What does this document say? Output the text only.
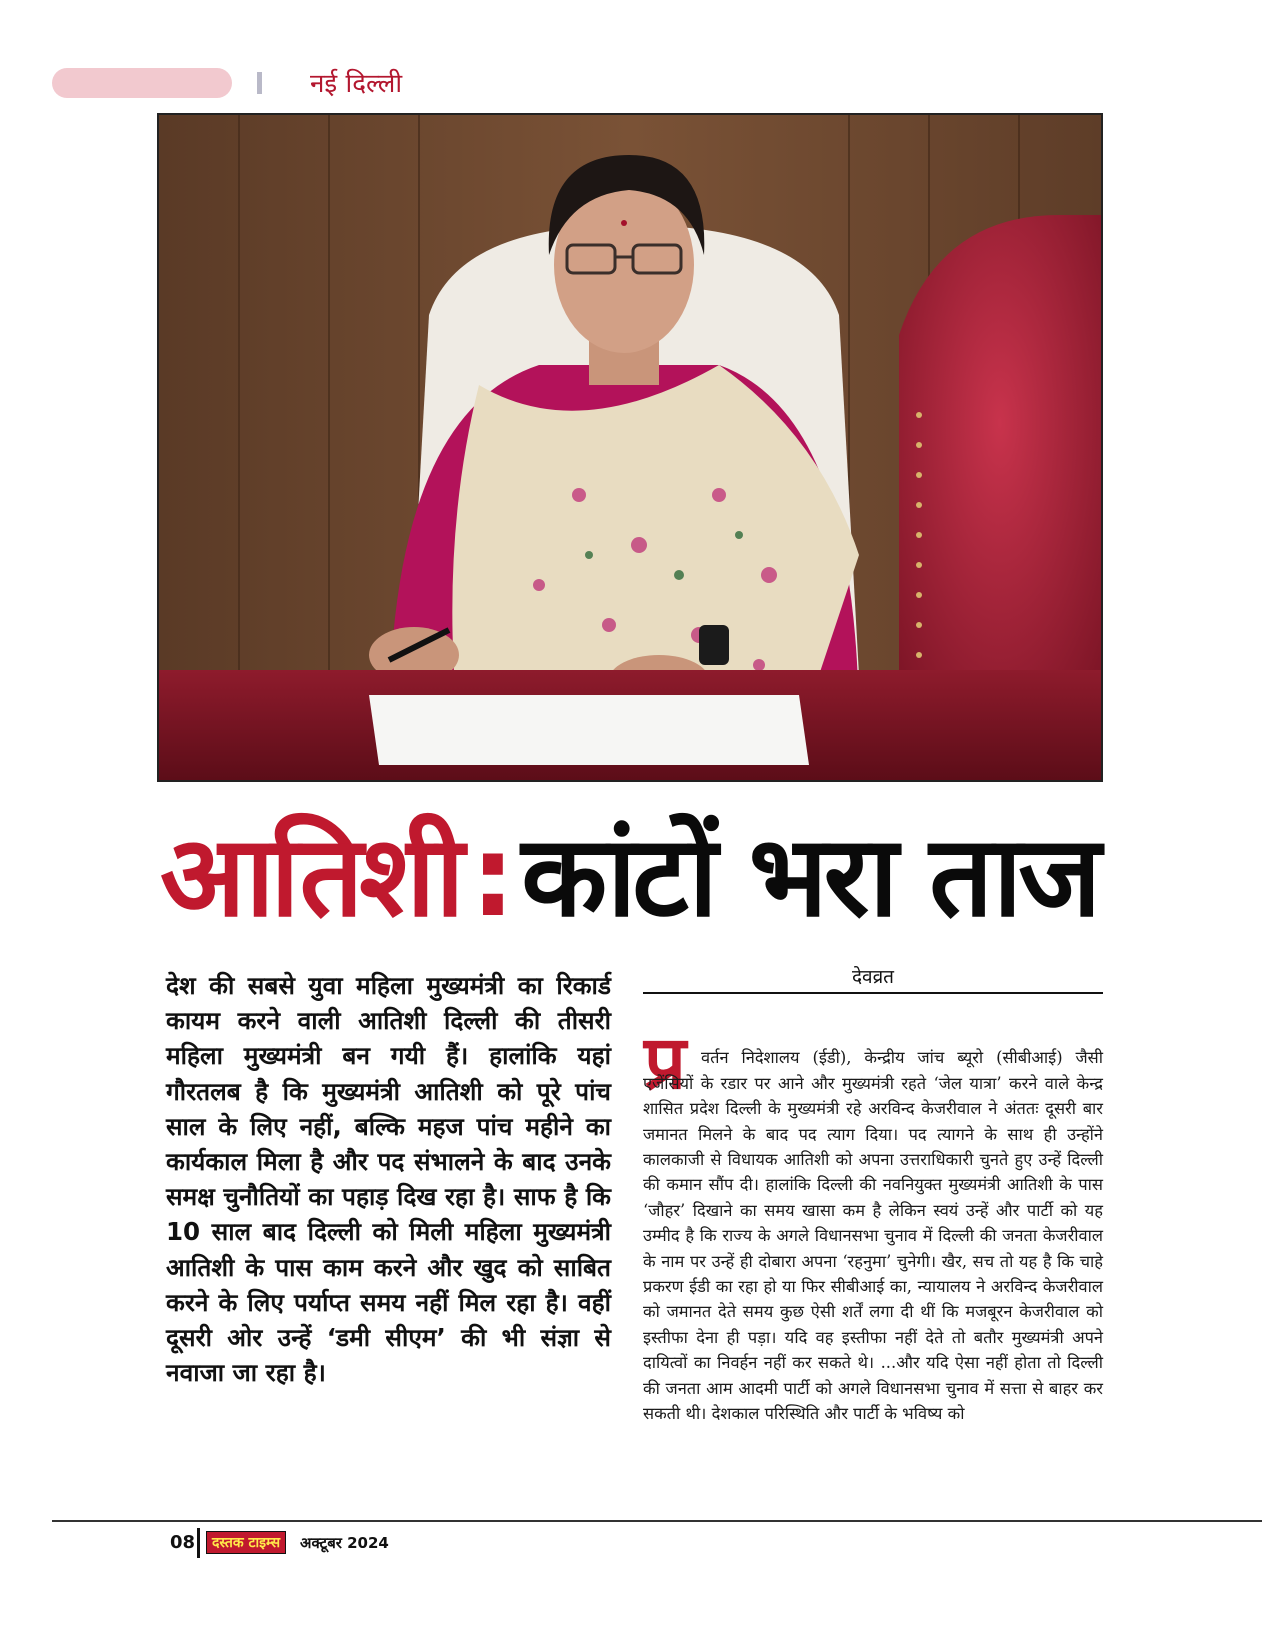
नई दिल्ली
आतिशी:कांटों भरा ताज
देश की सबसे युवा महिला मुख्यमंत्री का रिकार्ड कायम करने वाली आतिशी दिल्ली की तीसरी महिला मुख्यमंत्री बन गयी हैं। हालांकि यहां गौरतलब है कि मुख्यमंत्री आतिशी को पूरे पांच साल के लिए नहीं, बल्कि महज पांच महीने का कार्यकाल मिला है और पद संभालने के बाद उनके समक्ष चुनौतियों का पहाड़ दिख रहा है। साफ है कि 10 साल बाद दिल्ली को मिली महिला मुख्यमंत्री आतिशी के पास काम करने और खुद को साबित करने के लिए पर्याप्त समय नहीं मिल रहा है। वहीं दूसरी ओर उन्हें ‘डमी सीएम’ की भी संज्ञा से नवाजा जा रहा है।
देवव्रत
प्र वर्तन निदेशालय (ईडी), केन्द्रीय जांच ब्यूरो (सीबीआई) जैसी एजेंसियों के रडार पर आने और मुख्यमंत्री रहते ‘जेल यात्रा’ करने वाले केन्द्र शासित प्रदेश दिल्ली के मुख्यमंत्री रहे अरविन्द केजरीवाल ने अंततः दूसरी बार जमानत मिलने के बाद पद त्याग दिया। पद त्यागने के साथ ही उन्होंने कालकाजी से विधायक आतिशी को अपना उत्तराधिकारी चुनते हुए उन्हें दिल्ली की कमान सौंप दी। हालांकि दिल्ली की नवनियुक्त मुख्यमंत्री आतिशी के पास ‘जौहर’ दिखाने का समय खासा कम है लेकिन स्वयं उन्हें और पार्टी को यह उम्मीद है कि राज्य के अगले विधानसभा चुनाव में दिल्ली की जनता केजरीवाल के नाम पर उन्हें ही दोबारा अपना ‘रहनुमा’ चुनेगी। खैर, सच तो यह है कि चाहे प्रकरण ईडी का रहा हो या फिर सीबीआई का, न्यायालय ने अरविन्द केजरीवाल को जमानत देते समय कुछ ऐसी शर्तें लगा दी थीं कि मजबूरन केजरीवाल को इस्तीफा देना ही पड़ा। यदि वह इस्तीफा नहीं देते तो बतौर मुख्यमंत्री अपने दायित्वों का निवर्हन नहीं कर सकते थे। ...और यदि ऐसा नहीं होता तो दिल्ली की जनता आम आदमी पार्टी को अगले विधानसभा चुनाव में सत्ता से बाहर कर सकती थी। देशकाल परिस्थिति और पार्टी के भविष्य को

08	दस्तक टाइम्स	अक्टूबर 2024
